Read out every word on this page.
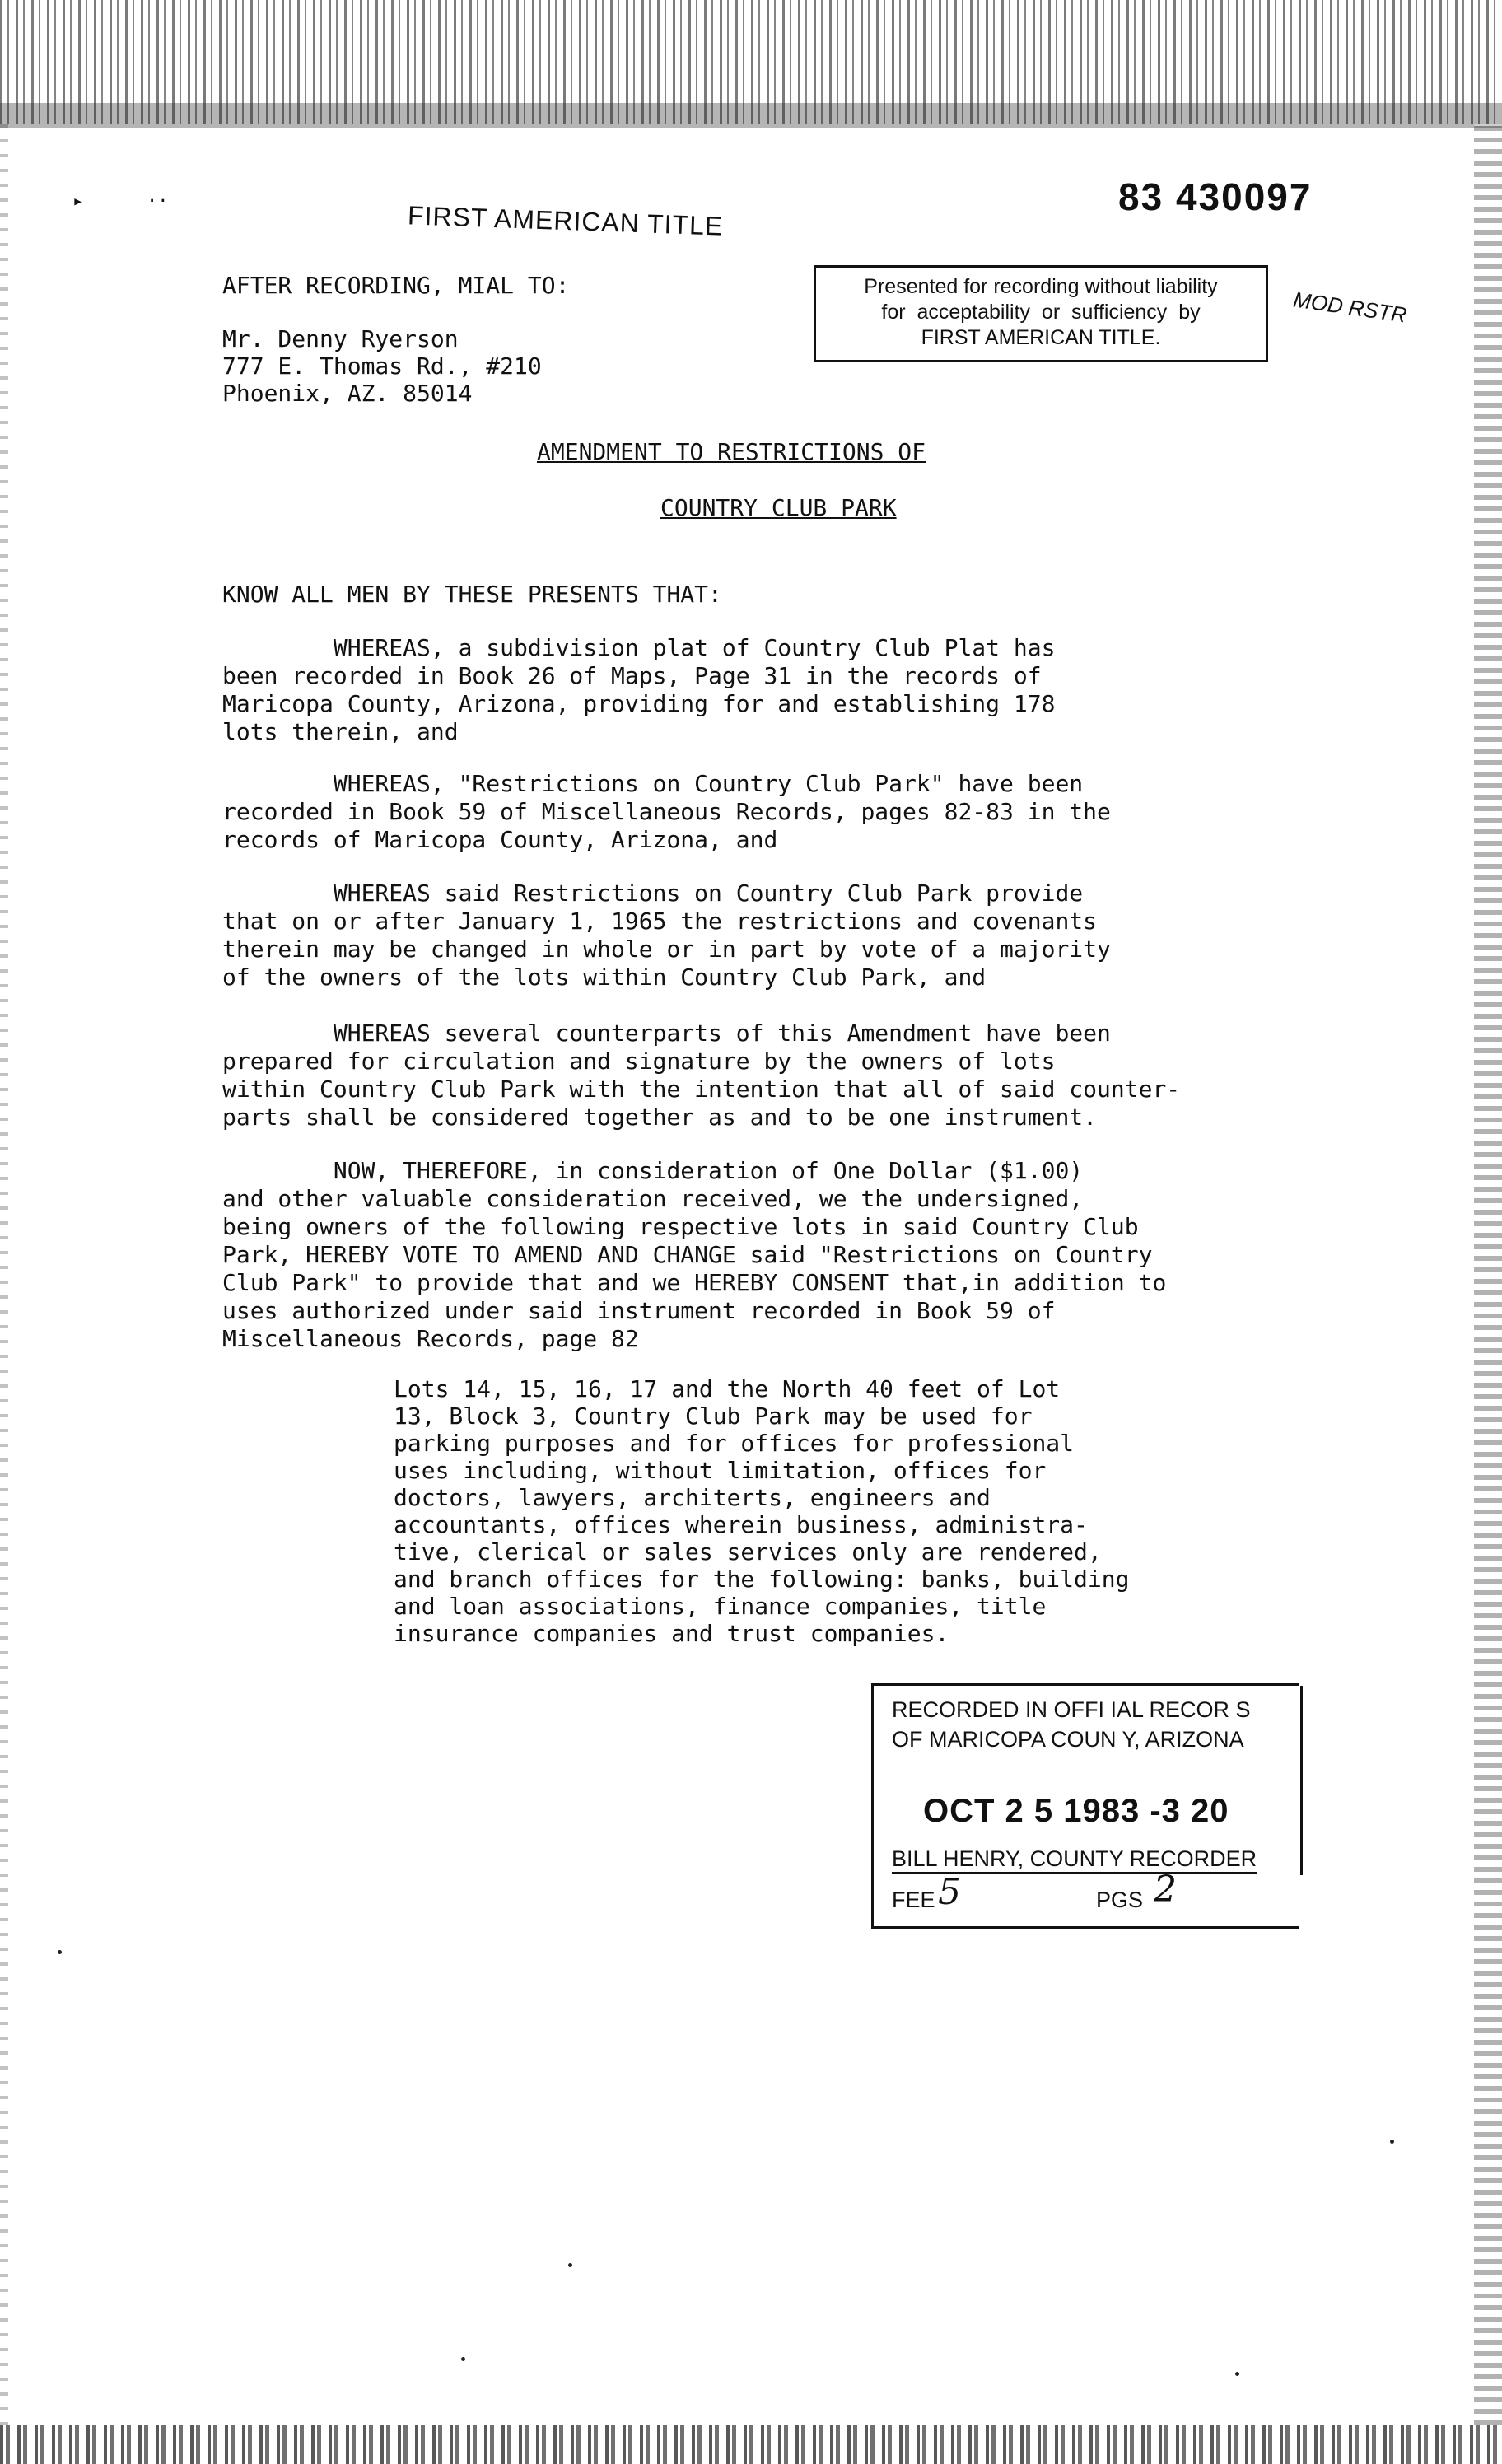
▸	··	FIRST AMERICAN TITLE
83 430097
MOD RSTR
AFTER RECORDING, MIAL TO:
Mr. Denny Ryerson
777 E. Thomas Rd., #210
Phoenix, AZ. 85014
Presented for recording without liability
for  acceptability  or  sufficiency  by
FIRST AMERICAN TITLE.
AMENDMENT TO RESTRICTIONS OF
COUNTRY CLUB PARK
KNOW ALL MEN BY THESE PRESENTS THAT:
WHEREAS, a subdivision plat of Country Club Plat has
been recorded in Book 26 of Maps, Page 31 in the records of
Maricopa County, Arizona, providing for and establishing 178
lots therein, and
WHEREAS, "Restrictions on Country Club Park" have been
recorded in Book 59 of Miscellaneous Records, pages 82-83 in the
records of Maricopa County, Arizona, and
WHEREAS said Restrictions on Country Club Park provide
that on or after January 1, 1965 the restrictions and covenants
therein may be changed in whole or in part by vote of a majority
of the owners of the lots within Country Club Park, and
WHEREAS several counterparts of this Amendment have been
prepared for circulation and signature by the owners of lots
within Country Club Park with the intention that all of said counter-
parts shall be considered together as and to be one instrument.
NOW, THEREFORE, in consideration of One Dollar ($1.00)
and other valuable consideration received, we the undersigned,
being owners of the following respective lots in said Country Club
Park, HEREBY VOTE TO AMEND AND CHANGE said "Restrictions on Country
Club Park" to provide that and we HEREBY CONSENT that,in addition to
uses authorized under said instrument recorded in Book 59 of
Miscellaneous Records, page 82
Lots 14, 15, 16, 17 and the North 40 feet of Lot
13, Block 3, Country Club Park may be used for
parking purposes and for offices for professional
uses including, without limitation, offices for
doctors, lawyers, architerts, engineers and
accountants, offices wherein business, administra-
tive, clerical or sales services only are rendered,
and branch offices for the following: banks, building
and loan associations, finance companies, title
insurance companies and trust companies.
RECORDED IN OFFI IAL RECOR S
OF MARICOPA COUN Y, ARIZONA
OCT 2 5 1983 -3 20
BILL HENRY, COUNTY RECORDER
FEE 5	PGS 2
